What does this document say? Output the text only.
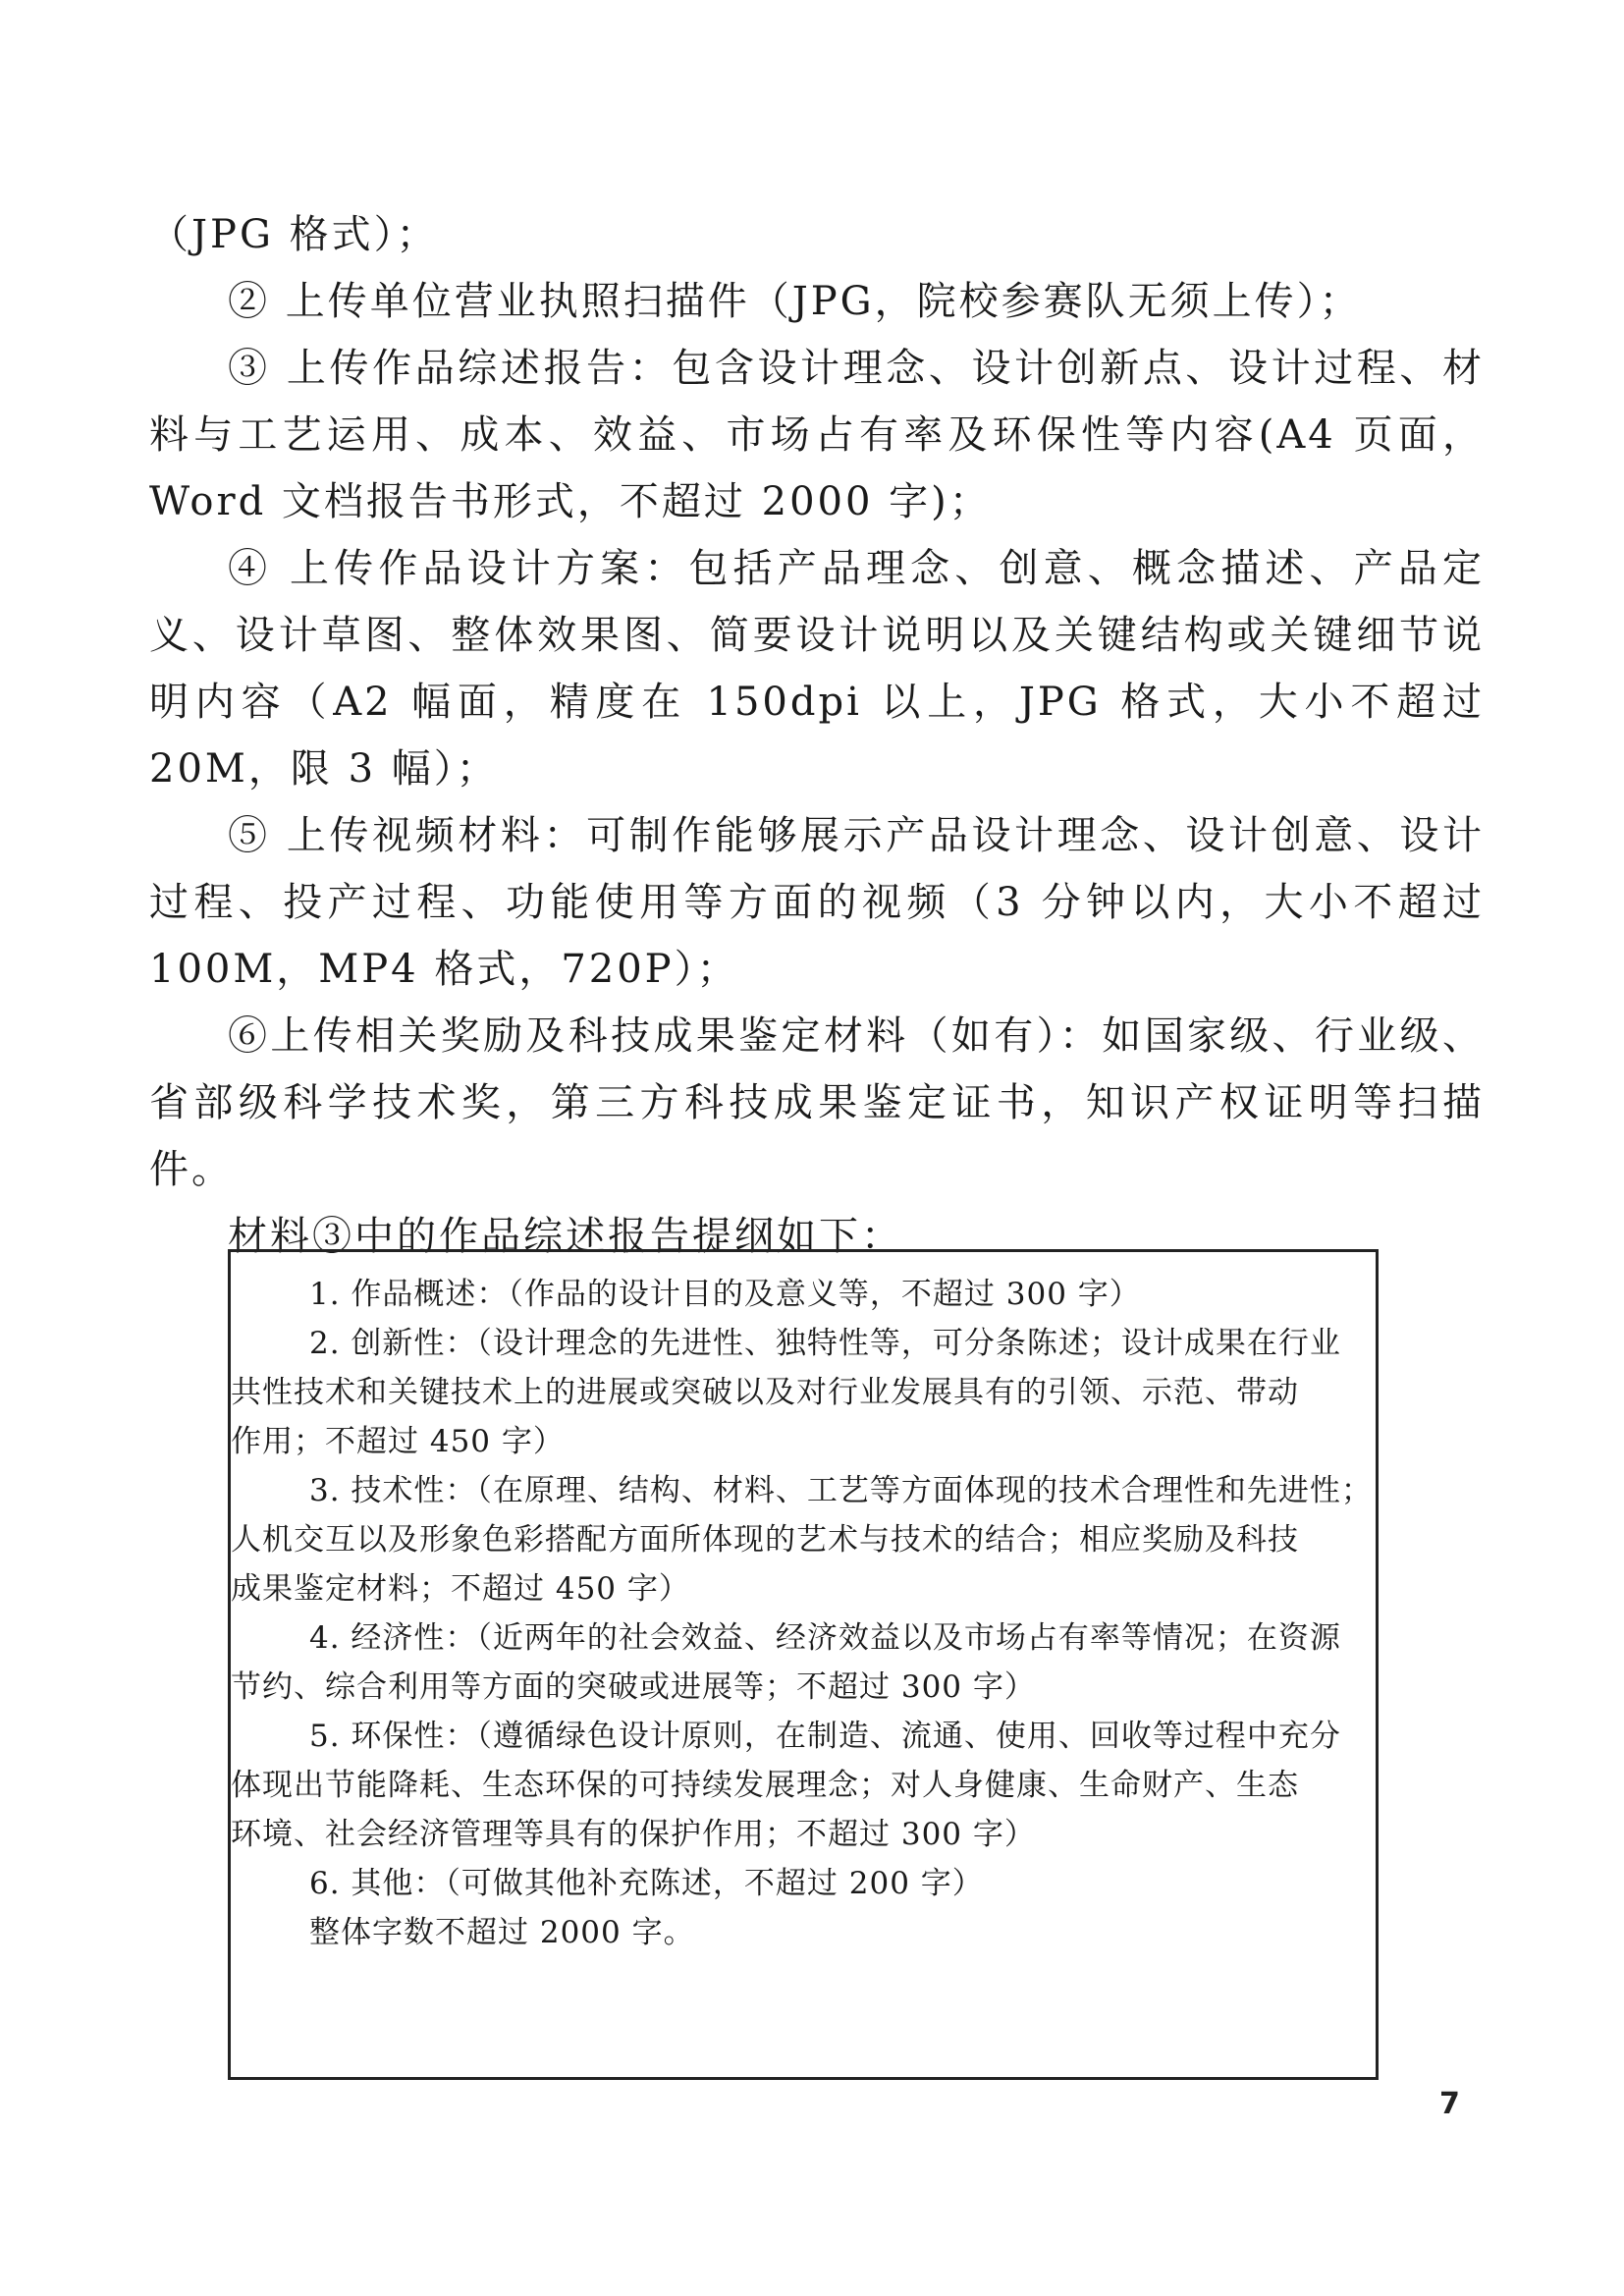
（JPG 格式）；

② 上传单位营业执照扫描件（JPG，院校参赛队无须上传）；

③ 上传作品综述报告：包含设计理念、设计创新点、设计过程、材料与工艺运用、成本、效益、市场占有率及环保性等内容(A4 页面，Word 文档报告书形式，不超过 2000 字)；

④ 上传作品设计方案：包括产品理念、创意、概念描述、产品定义、设计草图、整体效果图、简要设计说明以及关键结构或关键细节说明内容（A2 幅面，精度在 150dpi 以上，JPG 格式，大小不超过 20M，限 3 幅）；

⑤ 上传视频材料：可制作能够展示产品设计理念、设计创意、设计过程、投产过程、功能使用等方面的视频（3 分钟以内，大小不超过 100M，MP4 格式，720P）；

⑥上传相关奖励及科技成果鉴定材料（如有）：如国家级、行业级、省部级科学技术奖，第三方科技成果鉴定证书，知识产权证明等扫描件。

材料③中的作品综述报告提纲如下：

1. 作品概述：（作品的设计目的及意义等，不超过 300 字）

2. 创新性：（设计理念的先进性、独特性等，可分条陈述；设计成果在行业

共性技术和关键技术上的进展或突破以及对行业发展具有的引领、示范、带动

作用；不超过 450 字）

3. 技术性：（在原理、结构、材料、工艺等方面体现的技术合理性和先进性；

人机交互以及形象色彩搭配方面所体现的艺术与技术的结合；相应奖励及科技

成果鉴定材料；不超过 450 字）

4. 经济性：（近两年的社会效益、经济效益以及市场占有率等情况；在资源

节约、综合利用等方面的突破或进展等；不超过 300 字）

5. 环保性：（遵循绿色设计原则，在制造、流通、使用、回收等过程中充分

体现出节能降耗、生态环保的可持续发展理念；对人身健康、生命财产、生态

环境、社会经济管理等具有的保护作用；不超过 300 字）

6. 其他：（可做其他补充陈述，不超过 200 字）

整体字数不超过 2000 字。

7
